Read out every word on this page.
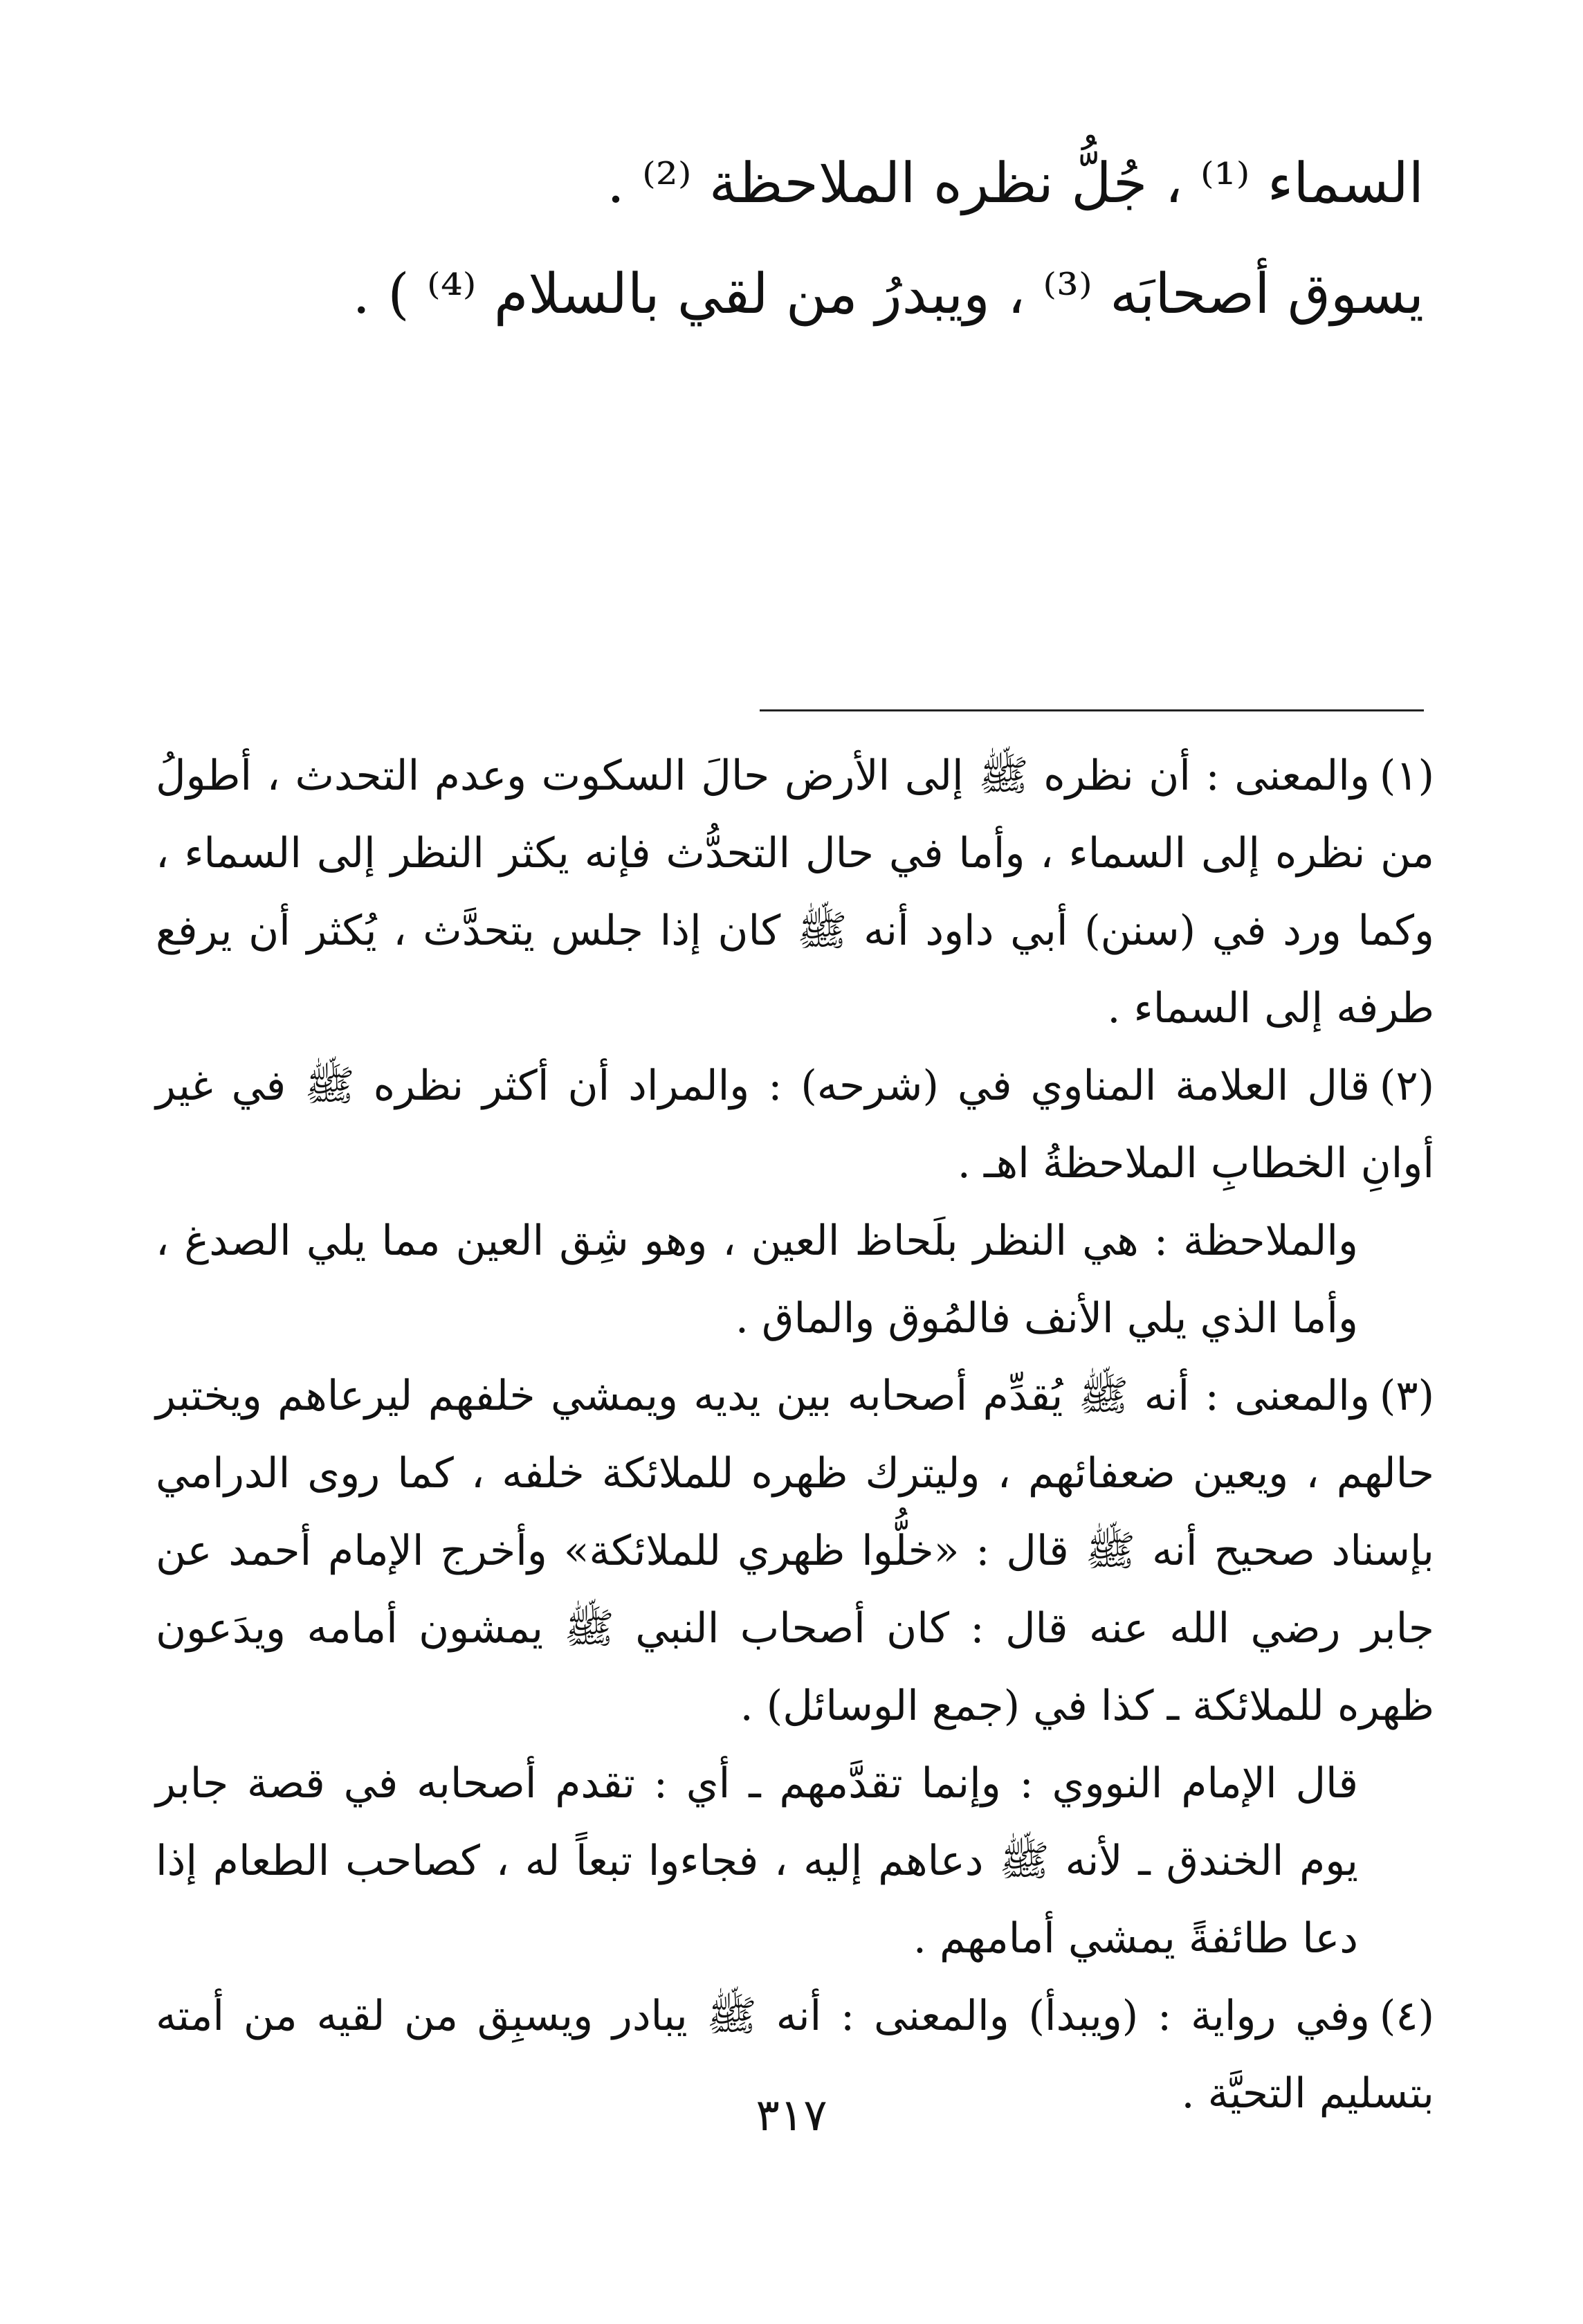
السماء ⁽¹⁾ ، جُلُّ نظره الملاحظة ⁽²⁾ .

يسوق أصحابَه ⁽³⁾ ، ويبدرُ من لقي بالسلام ⁽⁴⁾ ) .

(١)والمعنى : أن نظره ﷺ إلى الأرض حالَ السكوت وعدم التحدث ، أطولُ من نظره إلى السماء ، وأما في حال التحدُّث فإنه يكثر النظر إلى السماء ، وكما ورد في (سنن) أبي داود أنه ﷺ كان إذا جلس يتحدَّث ، يُكثر أن يرفع طرفه إلى السماء .

(٢)قال العلامة المناوي في (شرحه) : والمراد أن أكثر نظره ﷺ في غير أوانِ الخطابِ الملاحظةُ اهـ .

والملاحظة : هي النظر بلَحاظ العين ، وهو شِق العين مما يلي الصدغ ، وأما الذي يلي الأنف فالمُوق والماق .

(٣)والمعنى : أنه ﷺ يُقدِّم أصحابه بين يديه ويمشي خلفهم ليرعاهم ويختبر حالهم ، ويعين ضعفائهم ، وليترك ظهره للملائكة خلفه ، كما روى الدرامي بإسناد صحيح أنه ﷺ قال : «خلُّوا ظهري للملائكة» وأخرج الإمام أحمد عن جابر رضي الله عنه قال : كان أصحاب النبي ﷺ يمشون أمامه ويدَعون ظهره للملائكة ـ كذا في (جمع الوسائل) .

قال الإمام النووي : وإنما تقدَّمهم ـ أي : تقدم أصحابه في قصة جابر يوم الخندق ـ لأنه ﷺ دعاهم إليه ، فجاءوا تبعاً له ، كصاحب الطعام إذا دعا طائفةً يمشي أمامهم .

(٤)وفي رواية : (ويبدأ) والمعنى : أنه ﷺ يبادر ويسبِق من لقيه من أمته بتسليم التحيَّة .

٣١٧
